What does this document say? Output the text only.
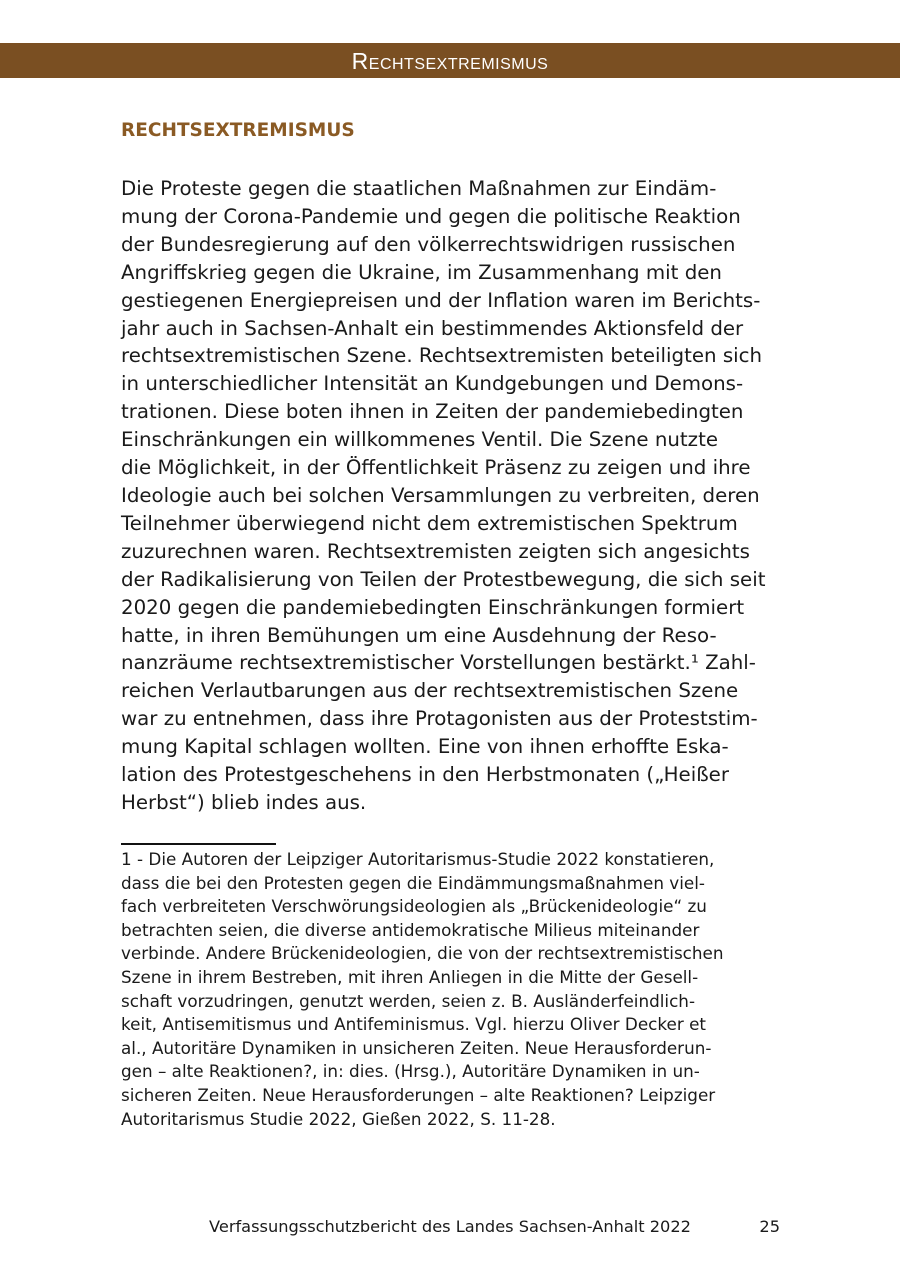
Rechtsextremismus
RECHTSEXTREMISMUS

Die Proteste gegen die staatlichen Maßnahmen zur Eindäm-
mung der Corona-Pandemie und gegen die politische Reaktion
der Bundesregierung auf den völkerrechtswidrigen russischen
Angriffskrieg gegen die Ukraine, im Zusammenhang mit den
gestiegenen Energiepreisen und der Inflation waren im Berichts-
jahr auch in Sachsen-Anhalt ein bestimmendes Aktionsfeld der
rechtsextremistischen Szene. Rechtsextremisten beteiligten sich
in unterschiedlicher Intensität an Kundgebungen und Demons-
trationen. Diese boten ihnen in Zeiten der pandemiebedingten
Einschränkungen ein willkommenes Ventil. Die Szene nutzte
die Möglichkeit, in der Öffentlichkeit Präsenz zu zeigen und ihre
Ideologie auch bei solchen Versammlungen zu verbreiten, deren
Teilnehmer überwiegend nicht dem extremistischen Spektrum
zuzurechnen waren. Rechtsextremisten zeigten sich angesichts
der Radikalisierung von Teilen der Protestbewegung, die sich seit
2020 gegen die pandemiebedingten Einschränkungen formiert
hatte, in ihren Bemühungen um eine Ausdehnung der Reso-
nanzräume rechtsextremistischer Vorstellungen bestärkt.¹ Zahl-
reichen Verlautbarungen aus der rechtsextremistischen Szene
war zu entnehmen, dass ihre Protagonisten aus der Proteststim-
mung Kapital schlagen wollten. Eine von ihnen erhoffte Eska-
lation des Protestgeschehens in den Herbstmonaten („Heißer
Herbst“) blieb indes aus.

1 - Die Autoren der Leipziger Autoritarismus-Studie 2022 konstatieren,
dass die bei den Protesten gegen die Eindämmungsmaßnahmen viel-
fach verbreiteten Verschwörungsideologien als „Brückenideologie“ zu
betrachten seien, die diverse antidemokratische Milieus miteinander
verbinde. Andere Brückenideologien, die von der rechtsextremistischen
Szene in ihrem Bestreben, mit ihren Anliegen in die Mitte der Gesell-
schaft vorzudringen, genutzt werden, seien z. B. Ausländerfeindlich-
keit, Antisemitismus und Antifeminismus. Vgl. hierzu Oliver Decker et
al., Autoritäre Dynamiken in unsicheren Zeiten. Neue Herausforderun-
gen – alte Reaktionen?, in: dies. (Hrsg.), Autoritäre Dynamiken in un-
sicheren Zeiten. Neue Herausforderungen – alte Reaktionen? Leipziger
Autoritarismus Studie 2022, Gießen 2022, S. 11-28.

Verfassungsschutzbericht des Landes Sachsen-Anhalt 2022	25
